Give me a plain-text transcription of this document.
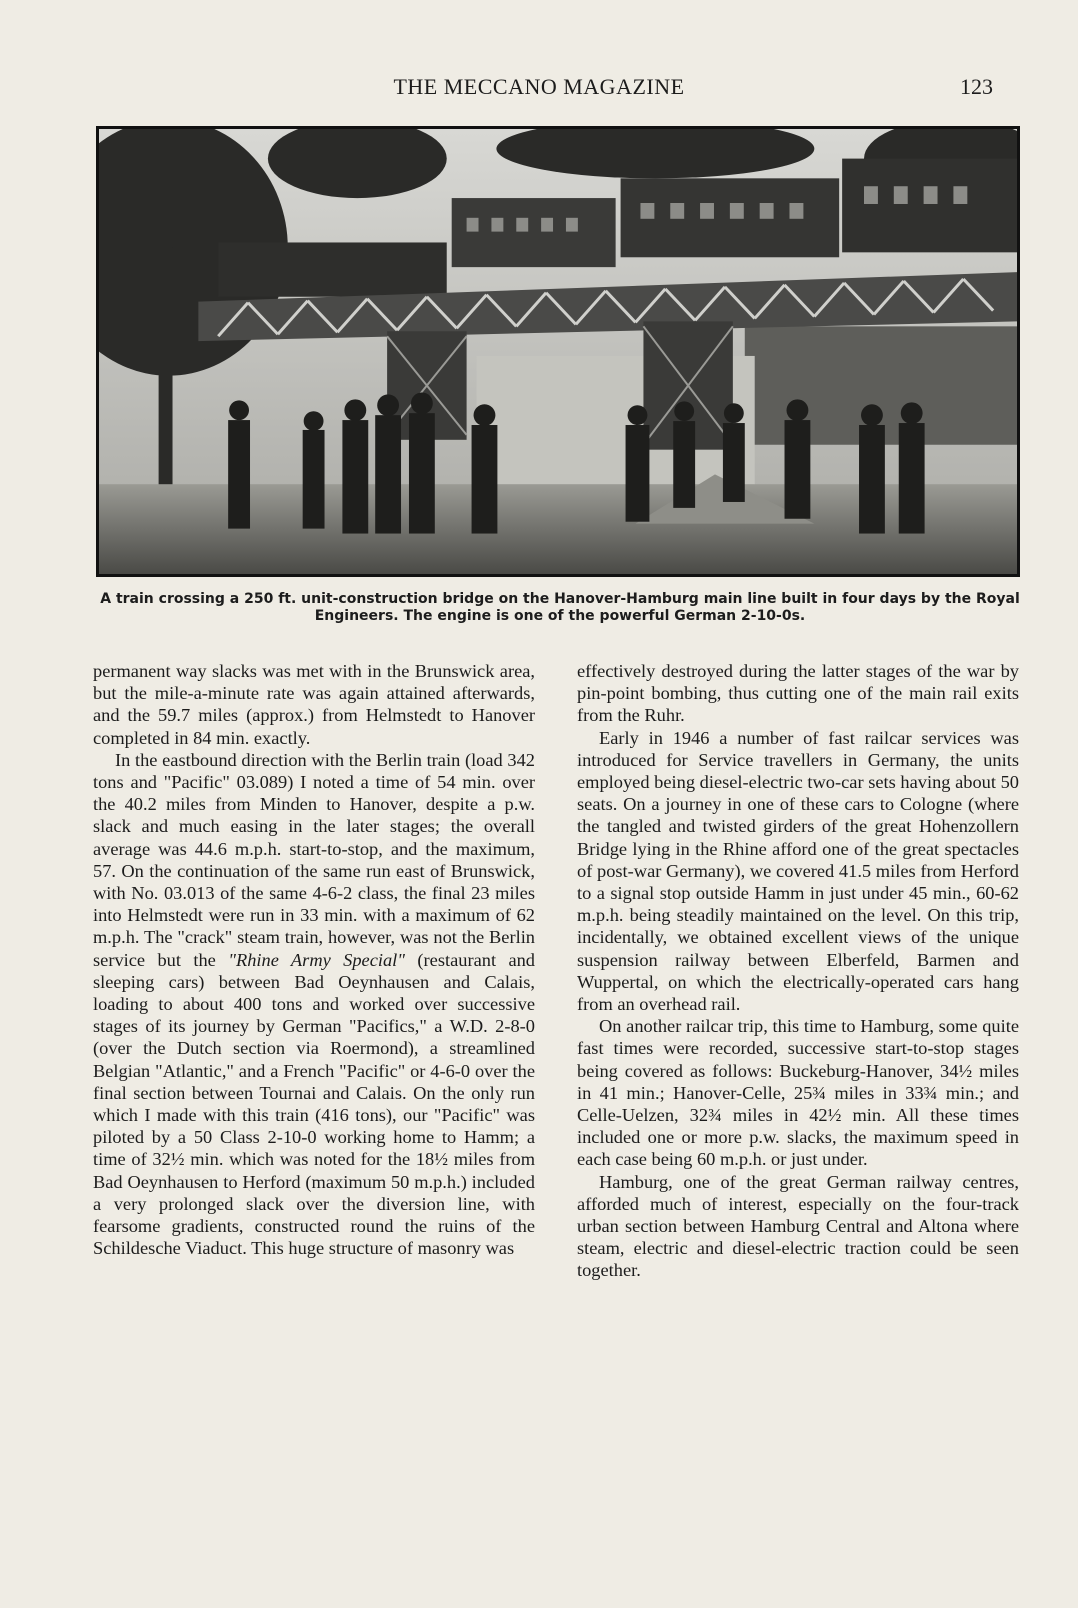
THE MECCANO MAGAZINE	123
A train crossing a 250 ft. unit-construction bridge on the Hanover-Hamburg main line built in four days by the Royal Engineers. The engine is one of the powerful German 2-10-0s.

permanent way slacks was met with in the Brunswick area, but the mile-a-minute rate was again attained afterwards, and the 59.7 miles (approx.) from Helmstedt to Hanover completed in 84 min. exactly.

In the eastbound direction with the Berlin train (load 342 tons and "Pacific" 03.089) I noted a time of 54 min. over the 40.2 miles from Minden to Hanover, despite a p.w. slack and much easing in the later stages; the overall average was 44.6 m.p.h. start-to-stop, and the maximum, 57. On the continuation of the same run east of Brunswick, with No. 03.013 of the same 4-6-2 class, the final 23 miles into Helmstedt were run in 33 min. with a maximum of 62 m.p.h. The "crack" steam train, however, was not the Berlin service but the "Rhine Army Special" (restaurant and sleeping cars) between Bad Oeynhausen and Calais, loading to about 400 tons and worked over successive stages of its journey by German "Pacifics," a W.D. 2-8-0 (over the Dutch section via Roermond), a streamlined Belgian "Atlantic," and a French "Pacific" or 4-6-0 over the final section between Tournai and Calais. On the only run which I made with this train (416 tons), our "Pacific" was piloted by a 50 Class 2-10-0 working home to Hamm; a time of 32½ min. which was noted for the 18½ miles from Bad Oeynhausen to Herford (maximum 50 m.p.h.) included a very prolonged slack over the diversion line, with fearsome gradients, constructed round the ruins of the Schildesche Viaduct. This huge structure of masonry was

effectively destroyed during the latter stages of the war by pin-point bombing, thus cutting one of the main rail exits from the Ruhr.

Early in 1946 a number of fast railcar services was introduced for Service travellers in Germany, the units employed being diesel-electric two-car sets having about 50 seats. On a journey in one of these cars to Cologne (where the tangled and twisted girders of the great Hohenzollern Bridge lying in the Rhine afford one of the great spectacles of post-war Germany), we covered 41.5 miles from Herford to a signal stop outside Hamm in just under 45 min., 60-62 m.p.h. being steadily maintained on the level. On this trip, incidentally, we obtained excellent views of the unique suspension railway between Elberfeld, Barmen and Wuppertal, on which the electrically-operated cars hang from an overhead rail.

On another railcar trip, this time to Hamburg, some quite fast times were recorded, successive start-to-stop stages being covered as follows: Buckeburg-Hanover, 34½ miles in 41 min.; Hanover-Celle, 25¾ miles in 33¾ min.; and Celle-Uelzen, 32¾ miles in 42½ min. All these times included one or more p.w. slacks, the maximum speed in each case being 60 m.p.h. or just under.

Hamburg, one of the great German railway centres, afforded much of interest, especially on the four-track urban section between Hamburg Central and Altona where steam, electric and diesel-electric traction could be seen together.
